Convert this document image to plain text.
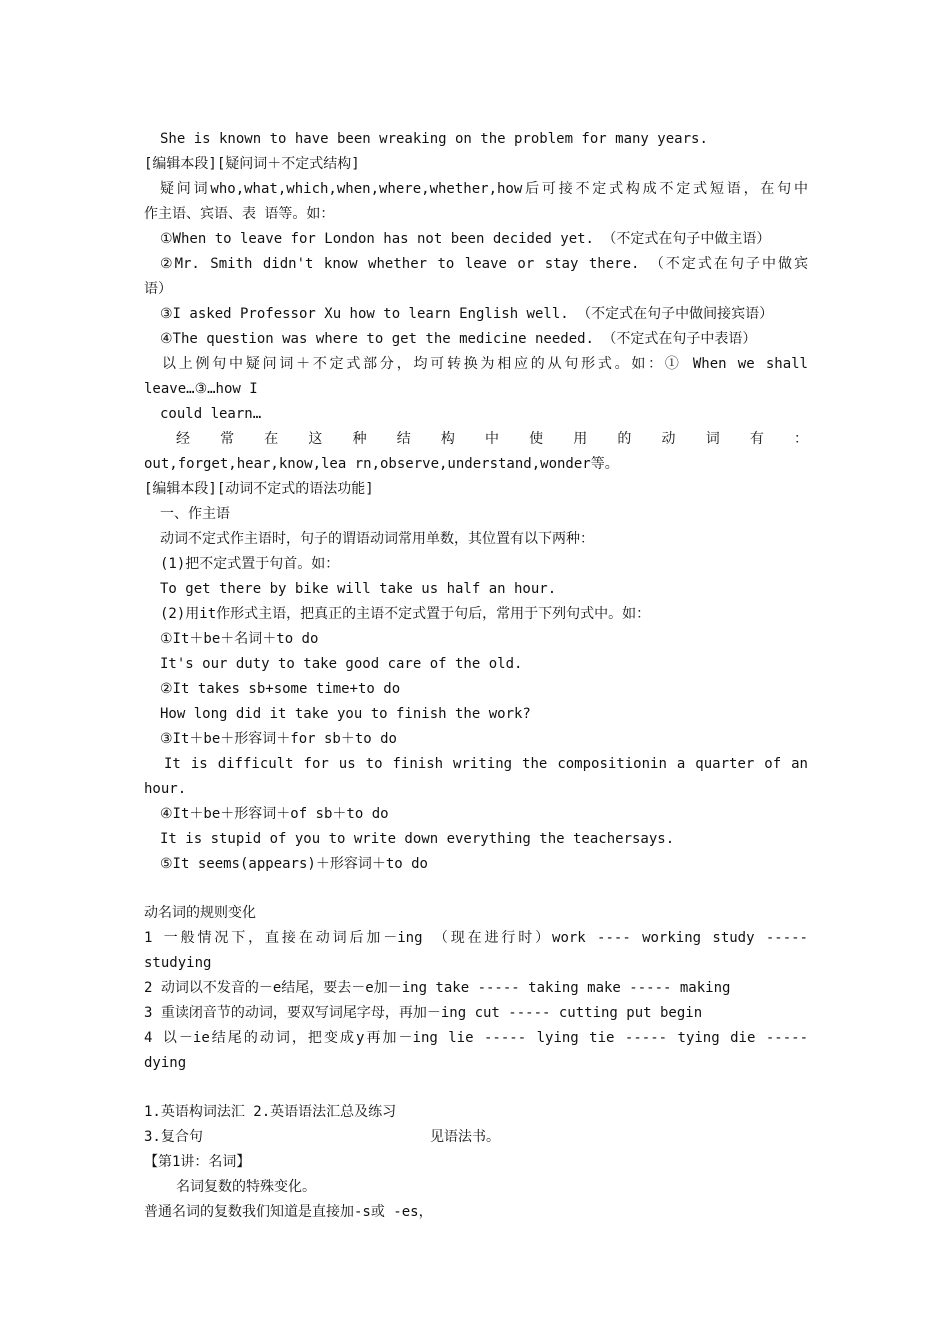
She is known to have been wreaking on the problem for many years.
[编辑本段][疑问词＋不定式结构]
疑问词who,what,which,when,where,whether,how后可接不定式构成不定式短语，在句中
作主语、宾语、表 语等。如：
①When to leave for London has not been decided yet. （不定式在句子中做主语）
②Mr. Smith didn't know whether to leave or stay there. （不定式在句子中做宾
语）
③I asked Professor Xu how to learn English well. （不定式在句子中做间接宾语）
④The question was where to get the medicine needed. （不定式在句子中表语）
以上例句中疑问词＋不定式部分，均可转换为相应的从句形式。如：① When we shall
leave…③…how I
could learn…
经 常 在 这 种 结 构 中 使 用 的 动 词 有 ：
out,forget,hear,know,lea rn,observe,understand,wonder等。
[编辑本段][动词不定式的语法功能]
一、作主语
动词不定式作主语时，句子的谓语动词常用单数，其位置有以下两种：
(1)把不定式置于句首。如：
To get there by bike will take us half an hour.
(2)用it作形式主语，把真正的主语不定式置于句后，常用于下列句式中。如：
①It＋be＋名词＋to do
It's our duty to take good care of the old.
②It takes sb+some time+to do
How long did it take you to finish the work?
③It＋be＋形容词＋for sb＋to do
It is difficult for us to finish writing the compositionin a quarter of an
hour.
④It＋be＋形容词＋of sb＋to do
It is stupid of you to write down everything the teachersays.
⑤It seems(appears)＋形容词＋to do
动名词的规则变化
1 一般情况下，直接在动词后加－ing （现在进行时）work ---- working study -----
studying
2 动词以不发音的－e结尾，要去－e加－ing take ----- taking make ----- making
3 重读闭音节的动词，要双写词尾字母，再加－ing cut ----- cutting put begin
4 以－ie结尾的动词，把变成y再加－ing lie ----- lying tie ----- tying die -----
dying
1.英语构词法汇 2.英语语法汇总及练习
3.复合句	见语法书。
【第1讲：名词】
名词复数的特殊变化。
普通名词的复数我们知道是直接加-s或 -es，
